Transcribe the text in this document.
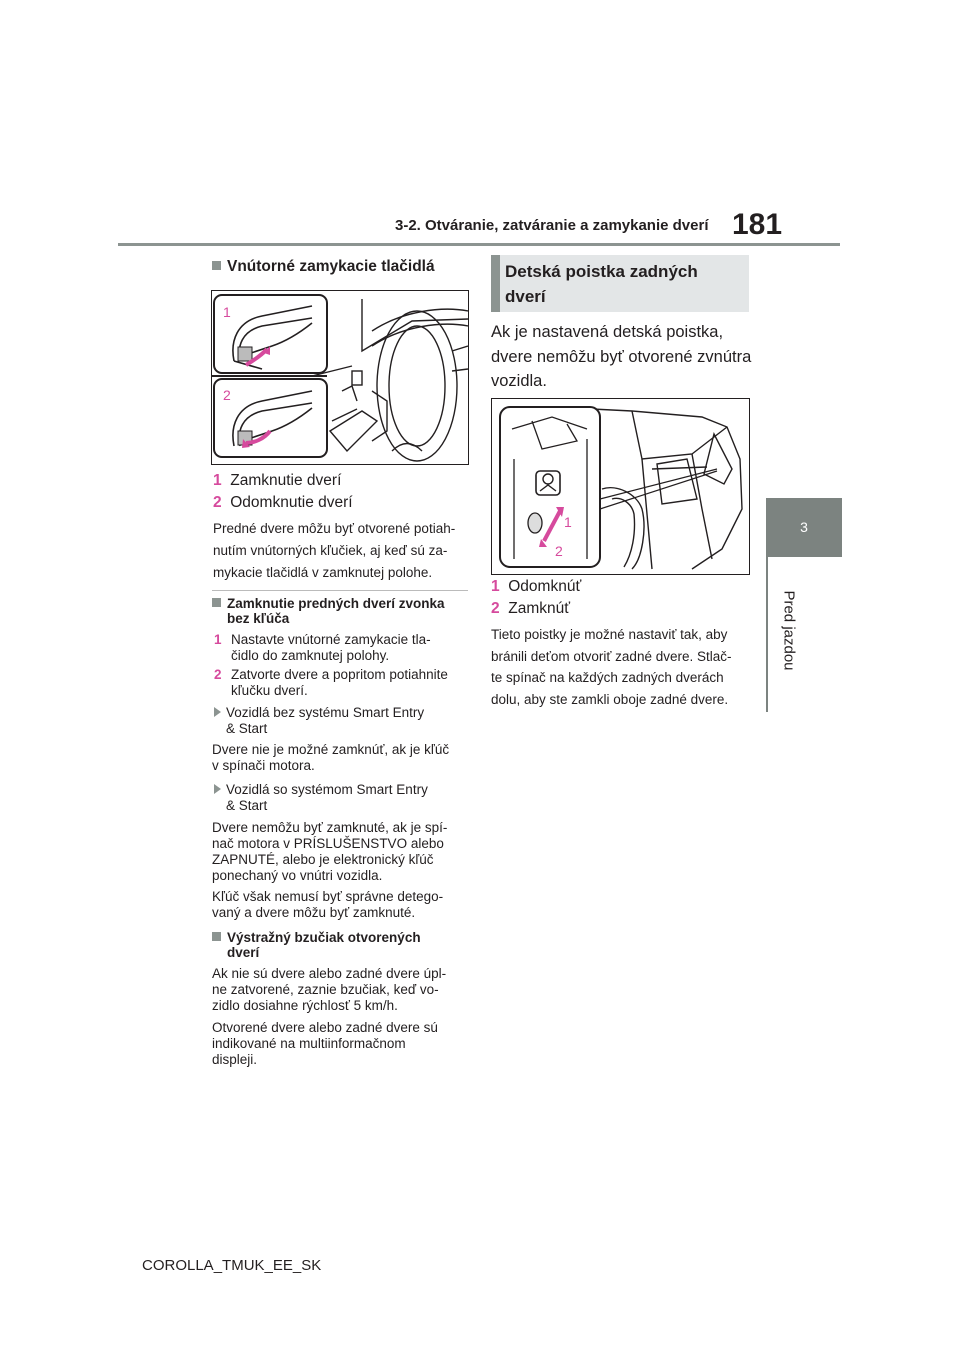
3-2. Otváranie, zatváranie a zamykanie dverí 181
3
Pred jazdou
Vnútorné zamykacie tlačidlá
1
2
1 Zamknutie dverí
2 Odomknutie dverí
Predné dvere môžu byť otvorené potiah-
nutím vnútorných kľučiek, aj keď sú za-
mykacie tlačidlá v zamknutej polohe.
Zamknutie predných dverí zvonka
bez kľúča
1 Nastavte vnútorné zamykacie tla-
čidlo do zamknutej polohy.
2 Zatvorte dvere a popritom potiahnite
kľučku dverí.
Vozidlá bez systému Smart Entry
& Start
Dvere nie je možné zamknúť, ak je kľúč
v spínači motora.
Vozidlá so systémom Smart Entry
& Start
Dvere nemôžu byť zamknuté, ak je spí-
nač motora v PRÍSLUŠENSTVO alebo
ZAPNUTÉ, alebo je elektronický kľúč
ponechaný vo vnútri vozidla.
Kľúč však nemusí byť správne detego-
vaný a dvere môžu byť zamknuté.
Výstražný bzučiak otvorených
dverí
Ak nie sú dvere alebo zadné dvere úpl-
ne zatvorené, zaznie bzučiak, keď vo-
zidlo dosiahne rýchlosť 5 km/h.
Otvorené dvere alebo zadné dvere sú
indikované na multiinformačnom
displeji.
Detská poistka zadných
dverí
Ak je nastavená detská poistka,
dvere nemôžu byť otvorené zvnútra
vozidla.
1
2
1 Odomknúť
2 Zamknúť
Tieto poistky je možné nastaviť tak, aby
bránili deťom otvoriť zadné dvere. Stlač-
te spínač na každých zadných dverách
dolu, aby ste zamkli oboje zadné dvere.
COROLLA_TMUK_EE_SK
